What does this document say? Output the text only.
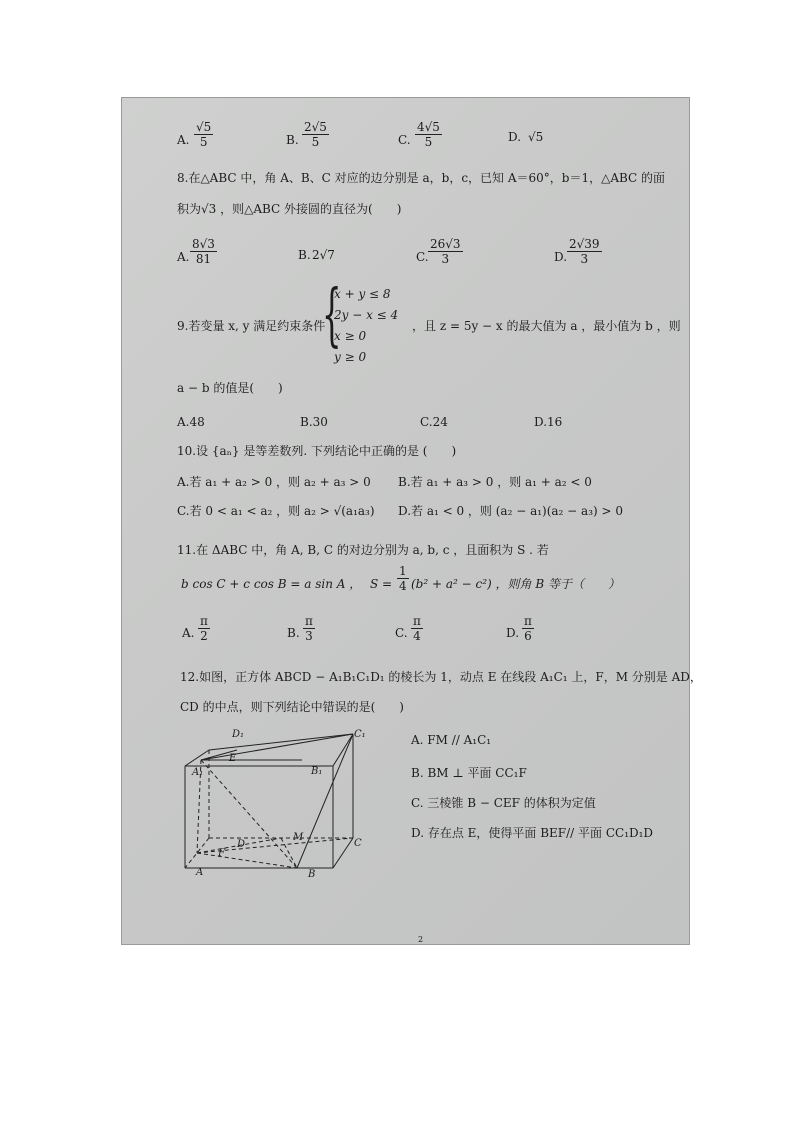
A. $\frac{√5}{5}$	B. $\frac{2√5}{5}$	C. $\frac{4√5}{5}$	D. √5
8.在△ABC 中，角 A、B、C 对应的边分别是 a，b，c，已知 A＝60°，b＝1，△ABC 的面
积为√3 ，则△ABC 外接圆的直径为(　　)
A. $\frac{8√3}{81}$	B. 2√7	C. $\frac{26√3}{3}$	D. $\frac{2√39}{3}$
9.若变量 x, y 满足约束条件
{
x + y ≤ 8
2y − x ≤ 4
x ≥ 0
y ≥ 0
，且 z = 5y − x 的最大值为 a ，最小值为 b ，则
a − b 的值是(　　)
A.48	B.30	C.24	D.16
10.设 {aₙ} 是等差数列. 下列结论中正确的是 (　　)
A.若 a₁ + a₂ > 0 ，则 a₂ + a₃ > 0 B.若 a₁ + a₃ > 0 ，则 a₁ + a₂ < 0
C.若 0 < a₁ < a₂ ，则 a₂ > √(a₁a₃) D.若 a₁ < 0 ，则 (a₂ − a₁)(a₂ − a₃) > 0
11.在 ΔABC 中，角 A, B, C 的对边分别为 a, b, c ，且面积为 S . 若
b cos C + c cos B = a sin A ， $S = \frac{1}{4} (b^2 + a^2 - c^2)$ ，则角 B 等于（　　）
A. $\frac{\pi}{2}$	B. $\frac{\pi}{3}$	C. $\frac{\pi}{4}$	D. $\frac{\pi}{6}$
12.如图，正方体 ABCD − A₁B₁C₁D₁ 的棱长为 1，动点 E 在线段 A₁C₁ 上，F，M 分别是 AD，
CD 的中点，则下列结论中错误的是(　　)
A. FM // A₁C₁
B. BM ⊥ 平面 CC₁F
C. 三棱锥 B − CEF 的体积为定值
D. 存在点 E，使得平面 BEF// 平面 CC₁D₁D
D₁	C₁
A₁	B₁
E
D
M
C
F
A	B
2
